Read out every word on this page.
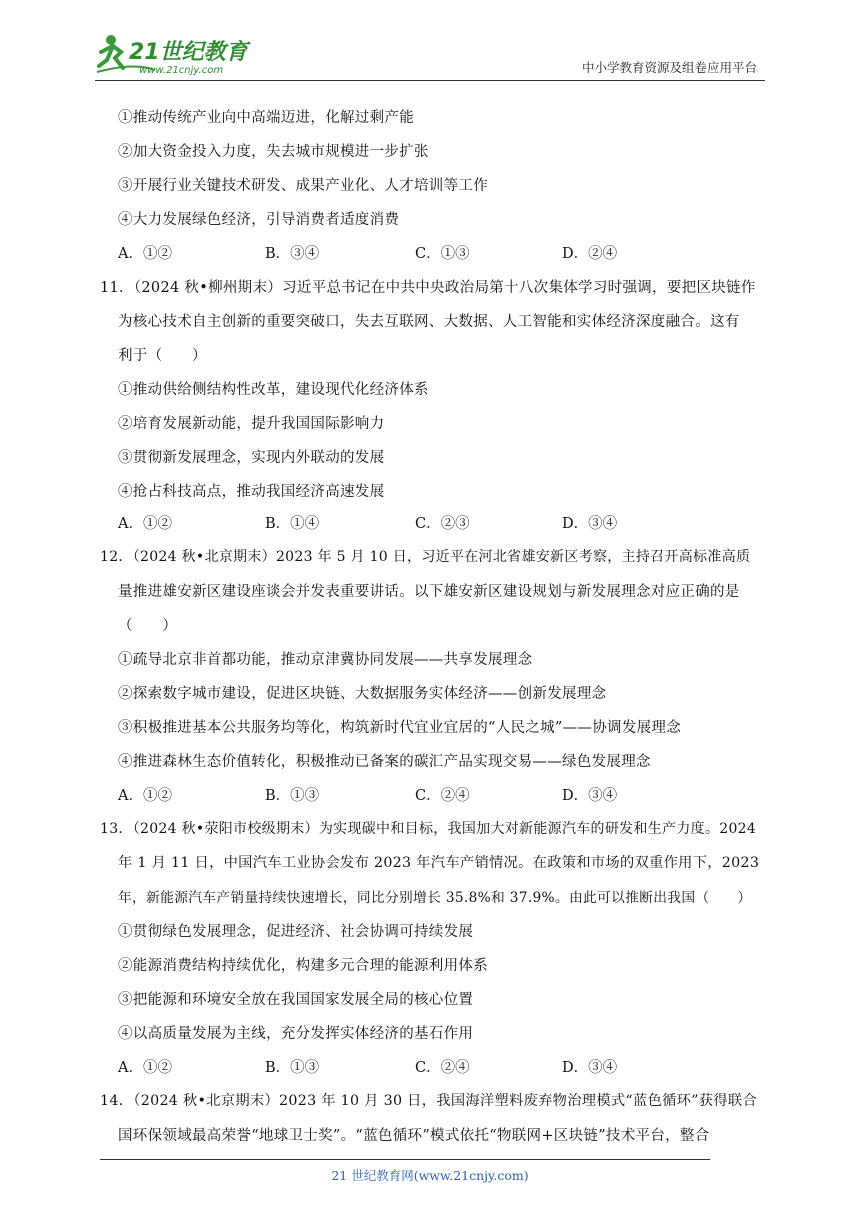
21世纪教育
www.21cnjy.com	中小学教育资源及组卷应用平台
①推动传统产业向中高端迈进，化解过剩产能
②加大资金投入力度，失去城市规模进一步扩张
③开展行业关键技术研发、成果产业化、人才培训等工作
④大力发展绿色经济，引导消费者适度消费
A．①②	B．③④	C．①③	D．②④
11．（2024 秋•柳州期末）习近平总书记在中共中央政治局第十八次集体学习时强调，要把区块链作
为核心技术自主创新的重要突破口，失去互联网、大数据、人工智能和实体经济深度融合。这有
利于（　　）
①推动供给侧结构性改革，建设现代化经济体系
②培育发展新动能，提升我国国际影响力
③贯彻新发展理念，实现内外联动的发展
④抢占科技高点，推动我国经济高速发展
A．①②	B．①④	C．②③	D．③④
12．（2024 秋•北京期末）2023 年 5 月 10 日，习近平在河北省雄安新区考察，主持召开高标准高质
量推进雄安新区建设座谈会并发表重要讲话。以下雄安新区建设规划与新发展理念对应正确的是
（　　）
①疏导北京非首都功能，推动京津冀协同发展——共享发展理念
②探索数字城市建设，促进区块链、大数据服务实体经济——创新发展理念
③积极推进基本公共服务均等化，构筑新时代宜业宜居的“人民之城”——协调发展理念
④推进森林生态价值转化，积极推动已备案的碳汇产品实现交易——绿色发展理念
A．①②	B．①③	C．②④	D．③④
13．（2024 秋•荥阳市校级期末）为实现碳中和目标，我国加大对新能源汽车的研发和生产力度。2024
年 1 月 11 日，中国汽车工业协会发布 2023 年汽车产销情况。在政策和市场的双重作用下，2023
年，新能源汽车产销量持续快速增长，同比分别增长 35.8%和 37.9%。由此可以推断出我国（　　）
①贯彻绿色发展理念，促进经济、社会协调可持续发展
②能源消费结构持续优化，构建多元合理的能源利用体系
③把能源和环境安全放在我国国家发展全局的核心位置
④以高质量发展为主线，充分发挥实体经济的基石作用
A．①②	B．①③	C．②④	D．③④
14．（2024 秋•北京期末）2023 年 10 月 30 日，我国海洋塑料废弃物治理模式“蓝色循环”获得联合
国环保领域最高荣誉“地球卫士奖”。“蓝色循环”模式依托“物联网+区块链”技术平台，整合
21 世纪教育网(www.21cnjy.com)
